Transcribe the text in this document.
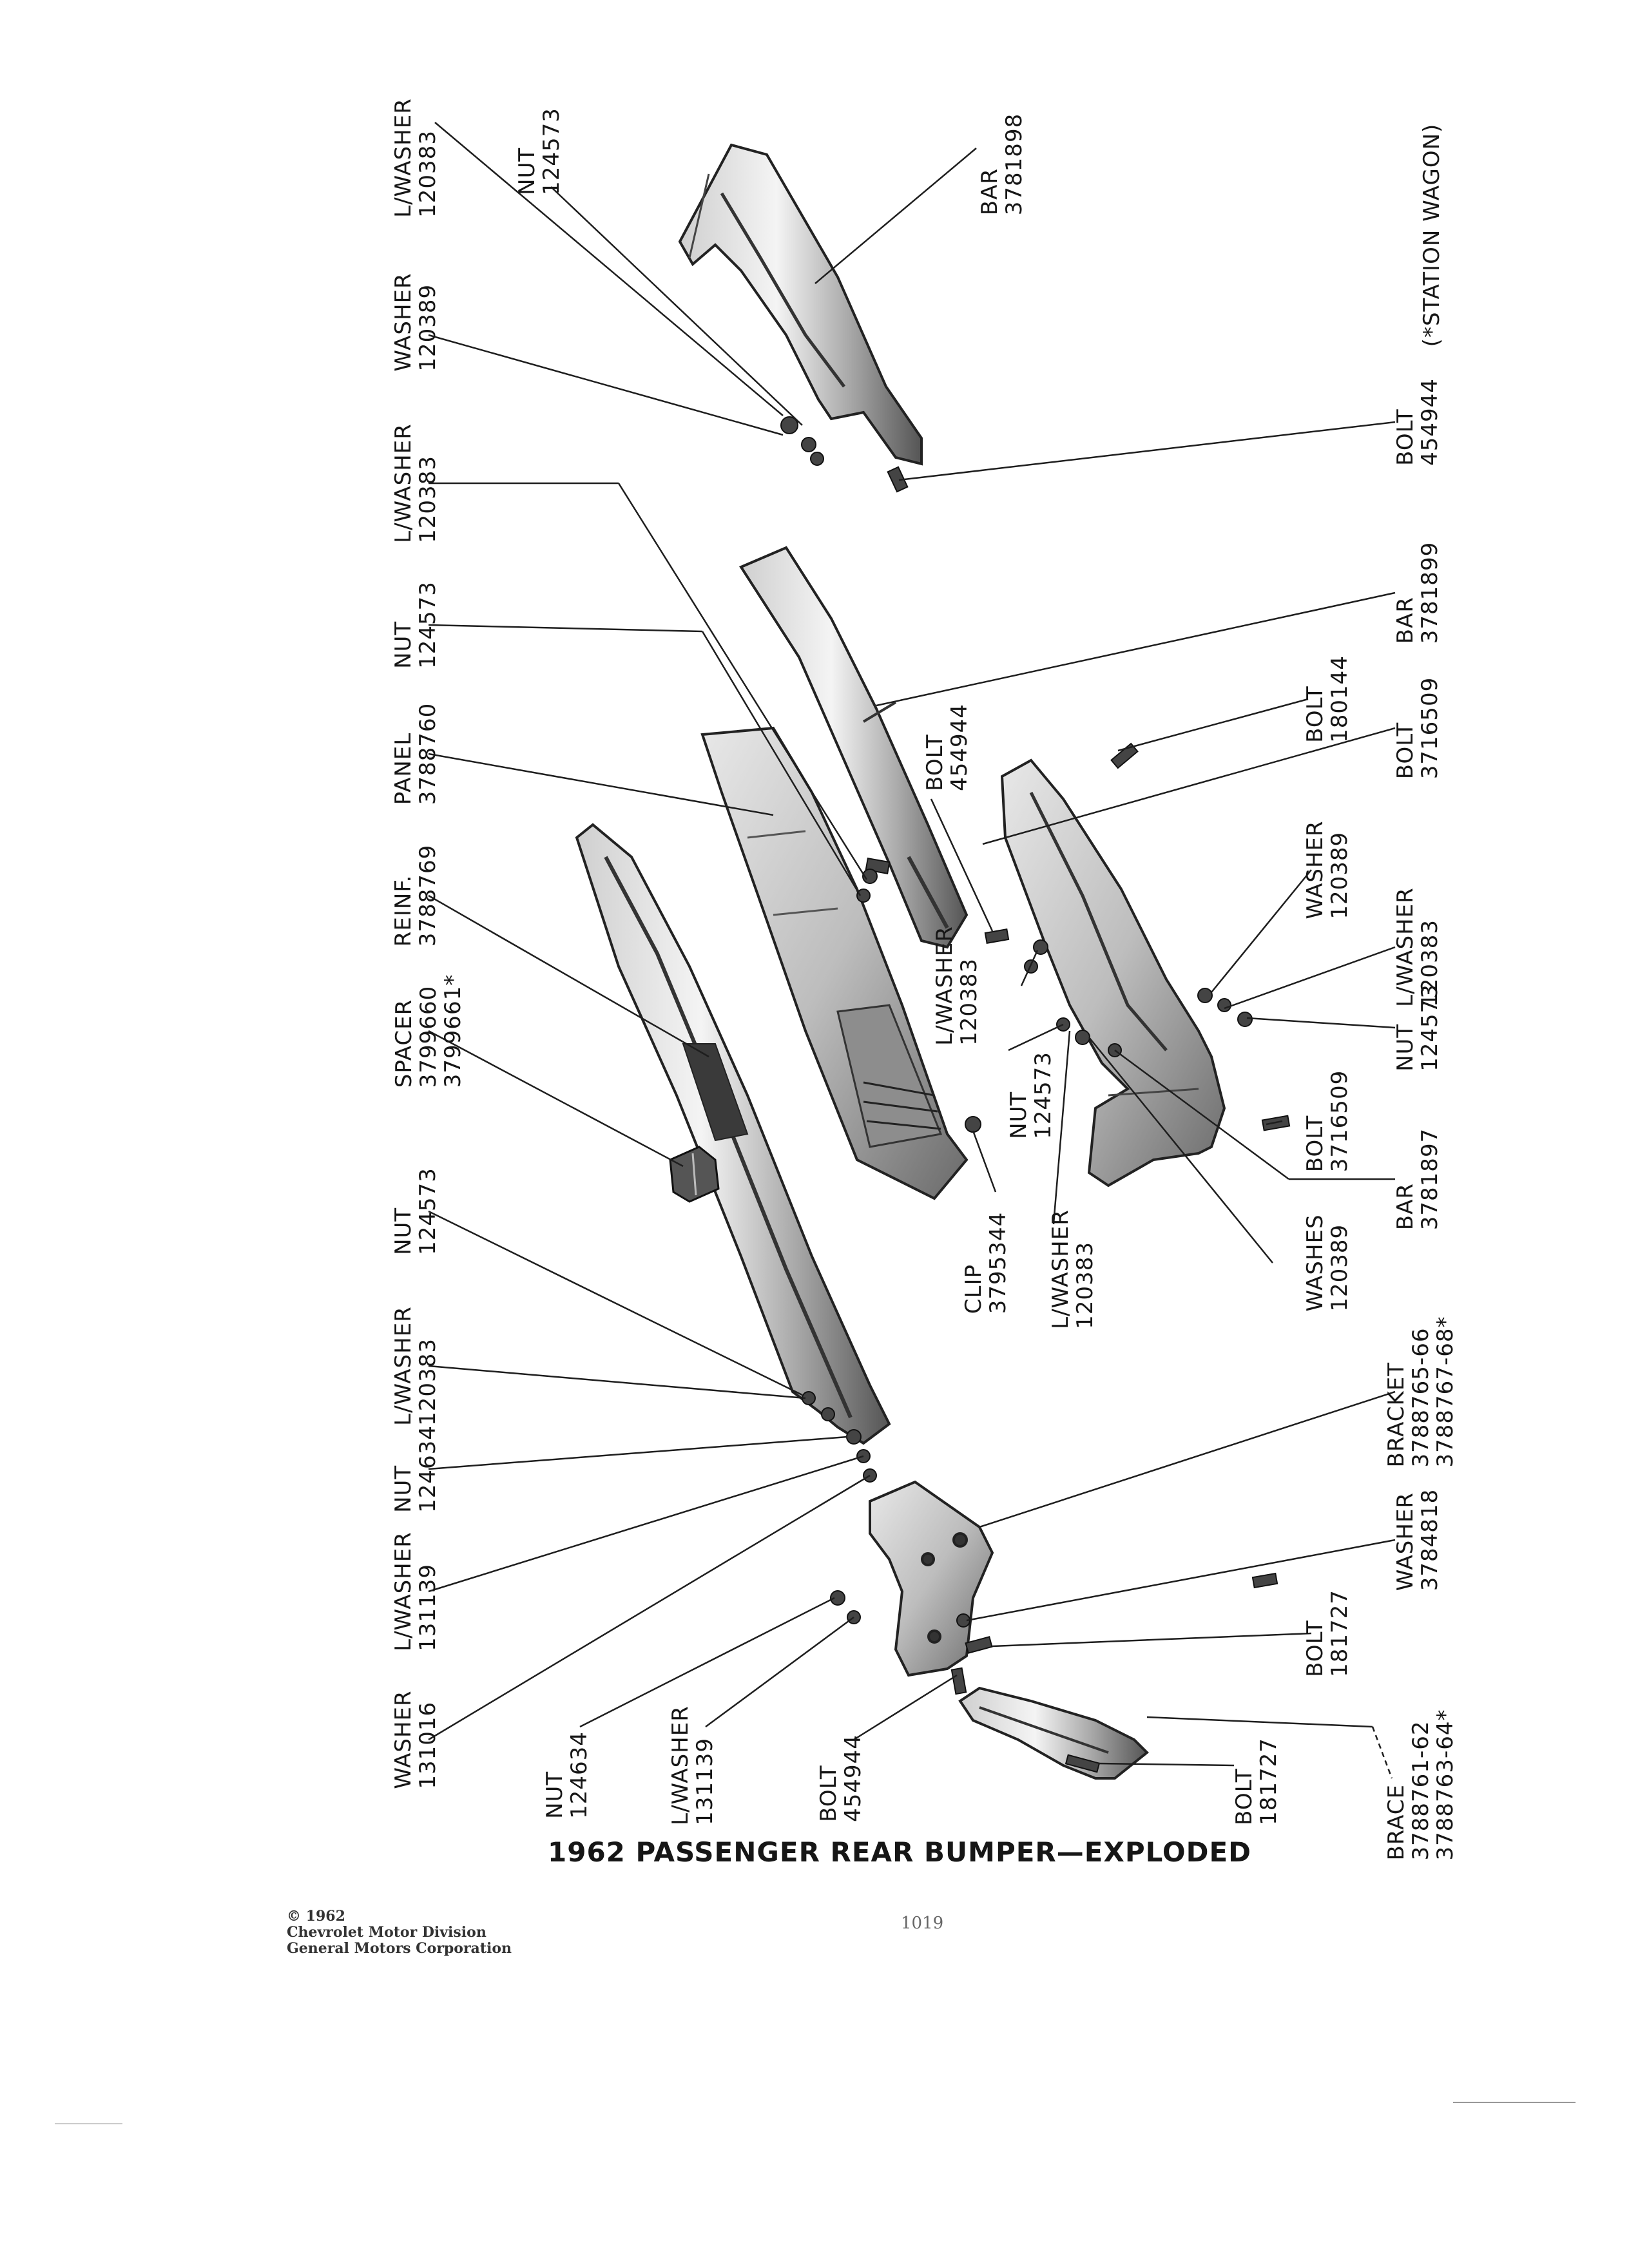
L/WASHER
120383	NUT
124573	BAR
3781898
WASHER
120389
BOLT
454944
(*STATION WAGON)
L/WASHER
120383
NUT
124573	BAR
3781899
PANEL
3788760	BOLT
180144
BOLT
454944	BOLT
3716509
WASHER
120389
REINF.
3788769
L/WASHER
120383	L/WASHER
120383
SPACER
3799660
3799661*
NUT
124573
NUT
124573
BOLT
3716509
BAR
3781897
WASHES
120389
CLIP
3795344 L/WASHER
120383
NUT
124573
L/WASHER
120383
NUT
124634
BRACKET
3788765-66
3788767-68*
L/WASHER
131139
WASHER
3784818
BOLT
181727
WASHER
131016
NUT
124634	L/WASHER
131139	BOLT
454944	BOLT
181727	BRACE
3788761-62
3788763-64*
1962 PASSENGER REAR BUMPER—EXPLODED
© 1962
Chevrolet Motor Division
General Motors Corporation
1019
